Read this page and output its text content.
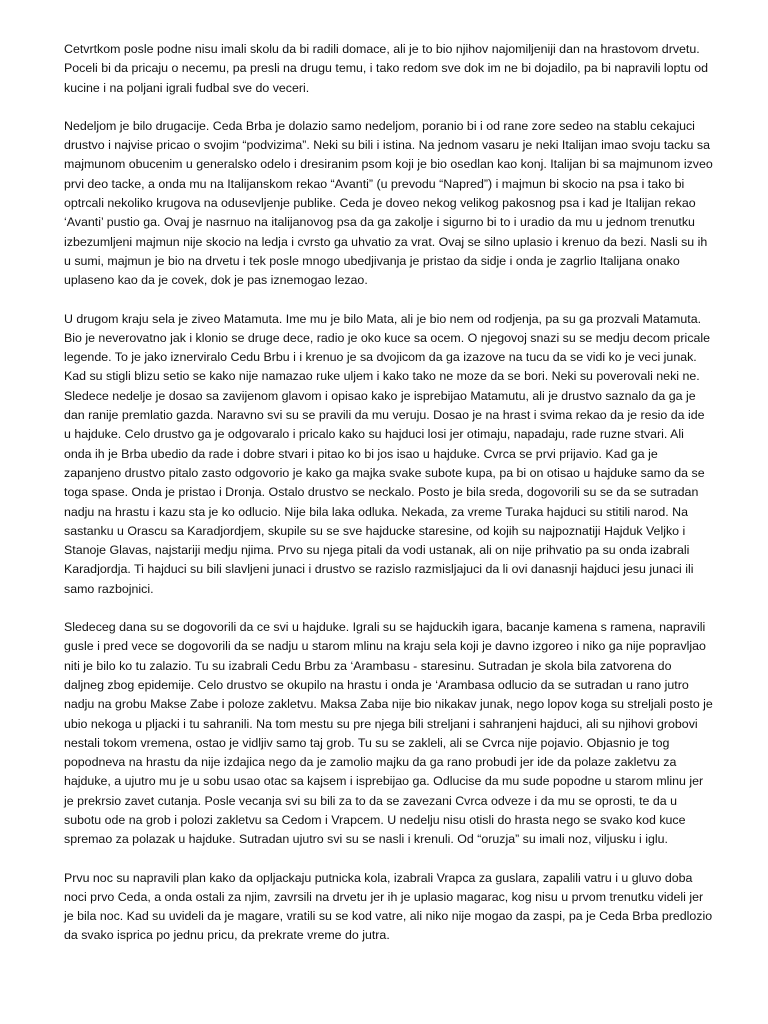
Cetvrtkom posle podne nisu imali skolu da bi radili domace, ali je to bio njihov najomiljeniji dan na hrastovom drvetu. Poceli bi da pricaju o necemu, pa presli na drugu temu, i tako redom sve dok im ne bi dojadilo, pa bi napravili loptu od kucine i na poljani igrali fudbal sve do veceri.

Nedeljom je bilo drugacije. Ceda Brba je dolazio samo nedeljom, poranio bi i od rane zore sedeo na stablu cekajuci drustvo i najvise pricao o svojim “podvizima”. Neki su bili i istina. Na jednom vasaru je neki Italijan imao svoju tacku sa majmunom obucenim u generalsko odelo i dresiranim psom koji je bio osedlan kao konj. Italijan bi sa majmunom izveo prvi deo tacke, a onda mu na Italijanskom rekao “Avanti” (u prevodu “Napred”) i majmun bi skocio na psa i tako bi optrcali nekoliko krugova na odusevljenje publike. Ceda je doveo nekog velikog pakosnog psa i kad je Italijan rekao ‘Avanti’ pustio ga. Ovaj je nasrnuo na italijanovog psa da ga zakolje i sigurno bi to i uradio da mu u jednom trenutku izbezumljeni majmun nije skocio na ledja i cvrsto ga uhvatio za vrat. Ovaj se silno uplasio i krenuo da bezi. Nasli su ih u sumi, majmun je bio na drvetu i tek posle mnogo ubedjivanja je pristao da sidje i onda je zagrlio Italijana onako uplaseno kao da je covek, dok je pas iznemogao lezao.

U drugom kraju sela je ziveo Matamuta. Ime mu je bilo Mata, ali je bio nem od rodjenja, pa su ga prozvali Matamuta. Bio je neverovatno jak i klonio se druge dece, radio je oko kuce sa ocem. O njegovoj snazi su se medju decom pricale legende. To je jako iznerviralo Cedu Brbu i i krenuo je sa dvojicom da ga izazove na tucu da se vidi ko je veci junak. Kad su stigli blizu setio se kako nije namazao ruke uljem i kako tako ne moze da se bori. Neki su poverovali neki ne. Sledece nedelje je dosao sa zavijenom glavom i opisao kako je isprebijao Matamutu, ali je drustvo saznalo da ga je dan ranije premlatio gazda. Naravno svi su se pravili da mu veruju. Dosao je na hrast i svima rekao da je resio da ide u hajduke. Celo drustvo ga je odgovaralo i pricalo kako su hajduci losi jer otimaju, napadaju, rade ruzne stvari. Ali onda ih je Brba ubedio da rade i dobre stvari i pitao ko bi jos isao u hajduke. Cvrca se prvi prijavio. Kad ga je zapanjeno drustvo pitalo zasto odgovorio je kako ga majka svake subote kupa, pa bi on otisao u hajduke samo da se toga spase. Onda je pristao i Dronja. Ostalo drustvo se neckalo. Posto je bila sreda, dogovorili su se da se sutradan nadju na hrastu i kazu sta je ko odlucio. Nije bila laka odluka. Nekada, za vreme Turaka hajduci su stitili narod. Na sastanku u Orascu sa Karadjordjem, skupile su se sve hajducke staresine, od kojih su najpoznatiji Hajduk Veljko i Stanoje Glavas, najstariji medju njima. Prvo su njega pitali da vodi ustanak, ali on nije prihvatio pa su onda izabrali Karadjordja. Ti hajduci su bili slavljeni junaci i drustvo se razislo razmisljajuci da li ovi danasnji hajduci jesu junaci ili samo razbojnici.

Sledeceg dana su se dogovorili da ce svi u hajduke. Igrali su se hajduckih igara, bacanje kamena s ramena, napravili gusle i pred vece se dogovorili da se nadju u starom mlinu na kraju sela koji je davno izgoreo i niko ga nije popravljao niti je bilo ko tu zalazio. Tu su izabrali Cedu Brbu za ‘Arambasu - staresinu. Sutradan je skola bila zatvorena do daljneg zbog epidemije. Celo drustvo se okupilo na hrastu i onda je ‘Arambasa odlucio da se sutradan u rano jutro nadju na grobu Makse Zabe i poloze zakletvu. Maksa Zaba nije bio nikakav junak, nego lopov koga su streljali posto je ubio nekoga u pljacki i tu sahranili. Na tom mestu su pre njega bili streljani i sahranjeni hajduci, ali su njihovi grobovi nestali tokom vremena, ostao je vidljiv samo taj grob. Tu su se zakleli, ali se Cvrca nije pojavio. Objasnio je tog popodneva na hrastu da nije izdajica nego da je zamolio majku da ga rano probudi jer ide da polaze zakletvu za hajduke, a ujutro mu je u sobu usao otac sa kajsem i isprebijao ga. Odlucise da mu sude popodne u starom mlinu jer je prekrsio zavet cutanja. Posle vecanja svi su bili za to da se zavezani Cvrca odveze i da mu se oprosti, te da u subotu ode na grob i polozi zakletvu sa Cedom i Vrapcem. U nedelju nisu otisli do hrasta nego se svako kod kuce spremao za polazak u hajduke. Sutradan ujutro svi su se nasli i krenuli. Od “oruzja” su imali noz, viljusku i iglu.

Prvu noc su napravili plan kako da opljackaju putnicka kola, izabrali Vrapca za guslara, zapalili vatru i u gluvo doba noci prvo Ceda, a onda ostali za njim, zavrsili na drvetu jer ih je uplasio magarac, kog nisu u prvom trenutku videli jer je bila noc. Kad su uvideli da je magare, vratili su se kod vatre, ali niko nije mogao da zaspi, pa je Ceda Brba predlozio da svako isprica po jednu pricu, da prekrate vreme do jutra.
